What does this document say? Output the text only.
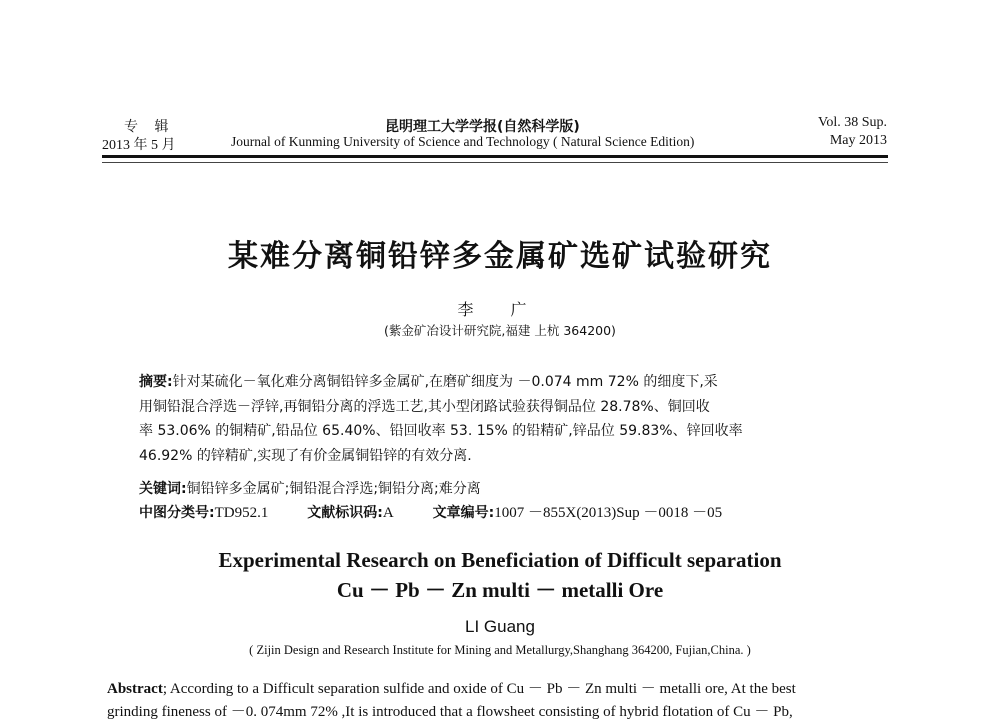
专 辑
2013 年 5 月
昆明理工大学学报(自然科学版)
Journal of Kunming University of Science and Technology ( Natural Science Edition)
Vol. 38 Sup.
May 2013
某难分离铜铅锌多金属矿选矿试验研究
李 广
(紫金矿冶设计研究院,福建 上杭 364200)
摘要:针对某硫化－氧化难分离铜铅锌多金属矿,在磨矿细度为 －0.074 mm 72% 的细度下,采
用铜铅混合浮选－浮锌,再铜铅分离的浮选工艺,其小型闭路试验获得铜品位 28.78%、铜回收
率 53.06% 的铜精矿,铅品位 65.40%、铅回收率 53. 15% 的铅精矿,锌品位 59.83%、锌回收率
46.92% 的锌精矿,实现了有价金属铜铅锌的有效分离.
关键词:铜铅锌多金属矿;铜铅混合浮选;铜铅分离;难分离
中图分类号:TD952.1	文献标识码:A	文章编号:1007 －855X(2013)Sup －0018 －05
Experimental Research on Beneficiation of Difficult separation
Cu － Pb － Zn multi － metalli Ore
LI Guang
( Zijin Design and Research Institute for Mining and Metallurgy,Shanghang 364200, Fujian,China. )
Abstract; According to a Difficult separation sulfide and oxide of Cu － Pb － Zn multi － metalli ore, At the best
grinding fineness of －0. 074mm 72% ,It is introduced that a flowsheet consisting of hybrid flotation of Cu － Pb,
